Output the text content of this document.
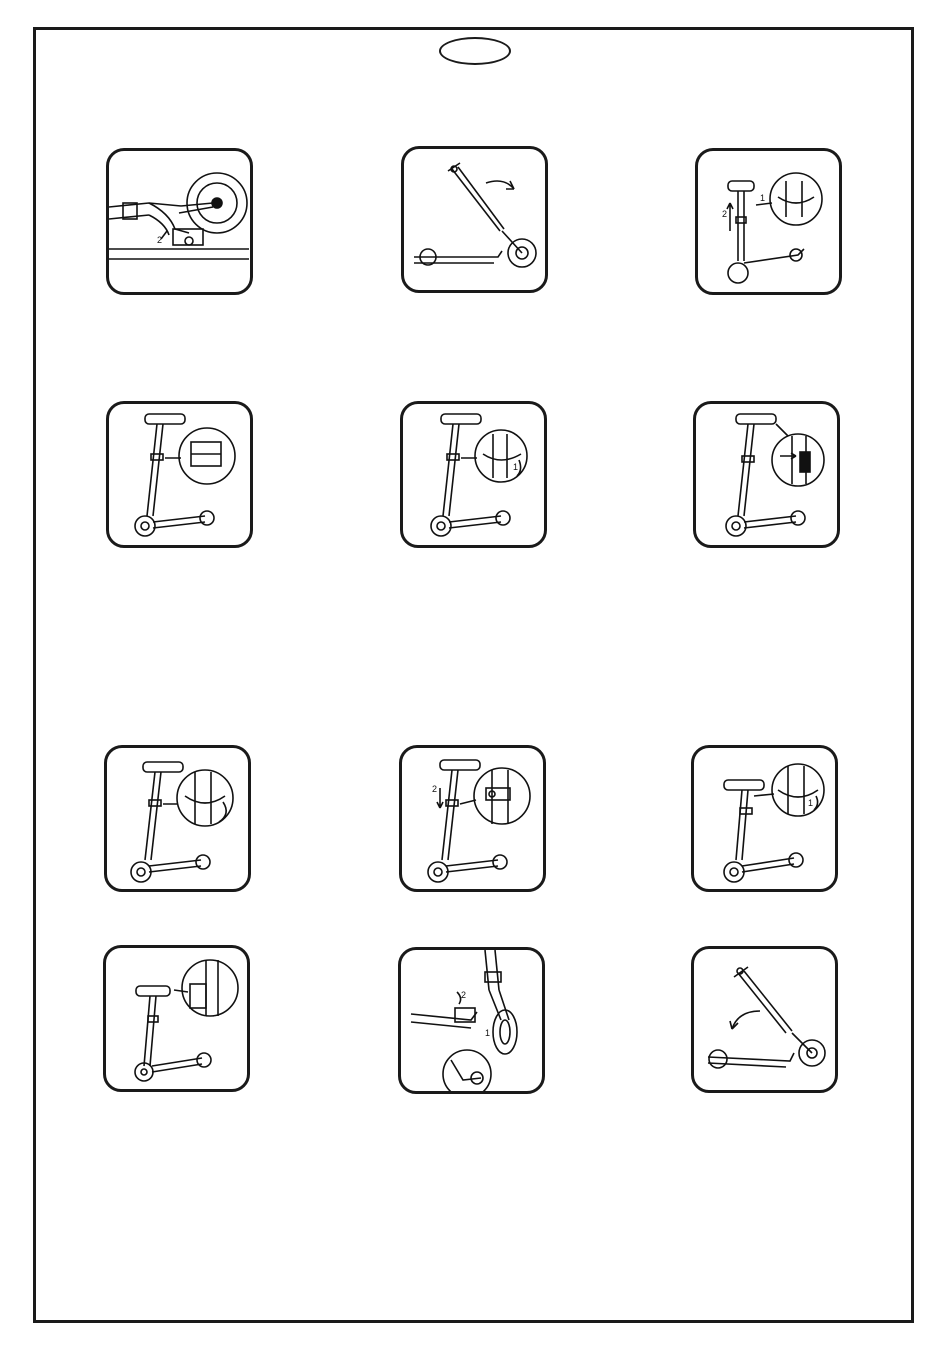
2
2
1
1
2
1
2
1
